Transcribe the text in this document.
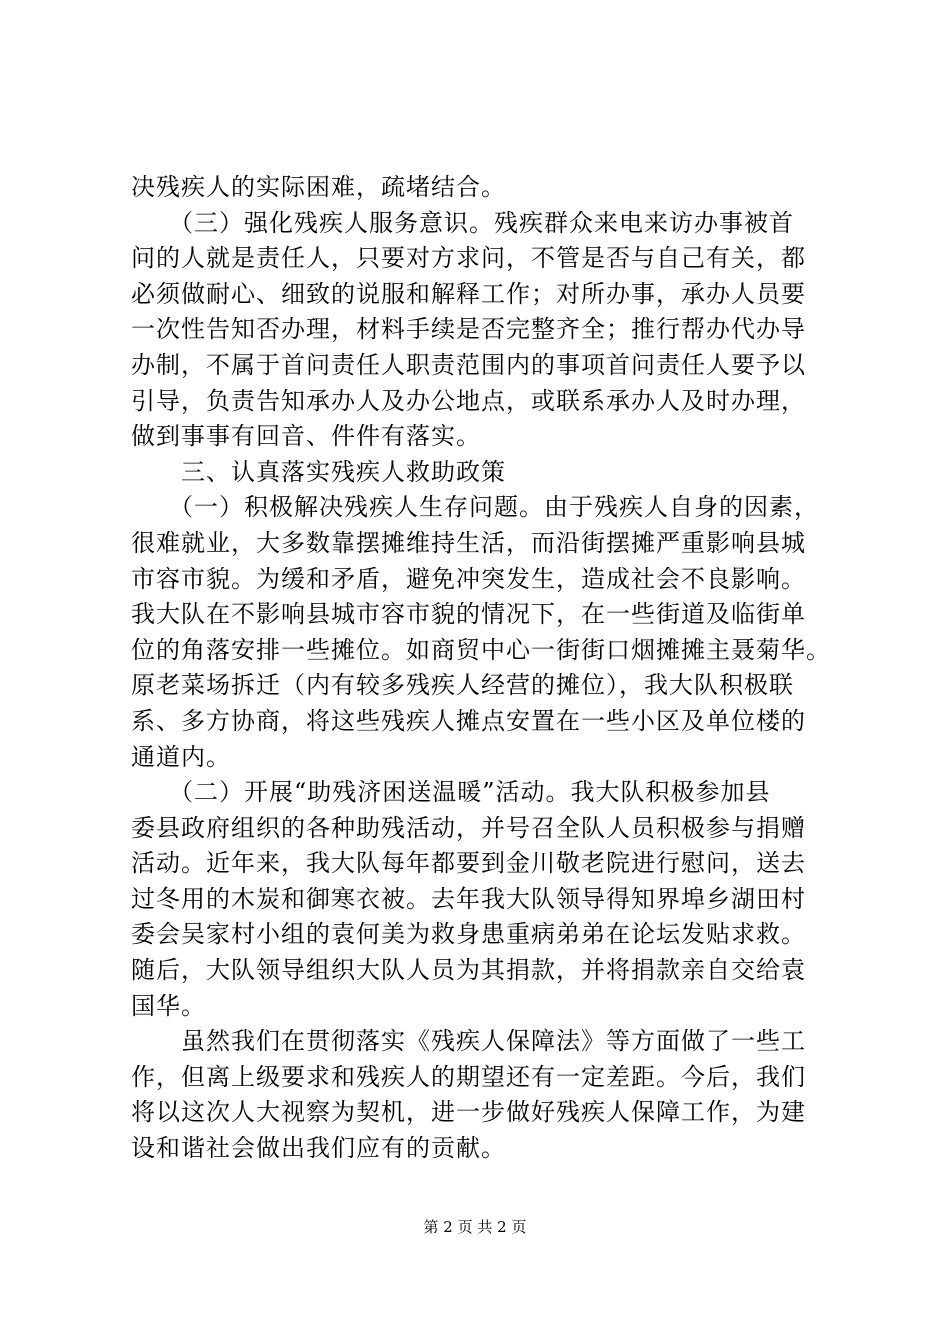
决残疾人的实际困难，疏堵结合。
　　（三）强化残疾人服务意识。残疾群众来电来访办事被首
问的人就是责任人，只要对方求问，不管是否与自己有关，都
必须做耐心、细致的说服和解释工作；对所办事，承办人员要
一次性告知否办理，材料手续是否完整齐全；推行帮办代办导
办制，不属于首问责任人职责范围内的事项首问责任人要予以
引导，负责告知承办人及办公地点，或联系承办人及时办理，
做到事事有回音、件件有落实。
　　三、认真落实残疾人救助政策
　　（一）积极解决残疾人生存问题。由于残疾人自身的因素，
很难就业，大多数靠摆摊维持生活，而沿街摆摊严重影响县城
市容市貌。为缓和矛盾，避免冲突发生，造成社会不良影响。
我大队在不影响县城市容市貌的情况下，在一些街道及临街单
位的角落安排一些摊位。如商贸中心一街街口烟摊摊主聂菊华。
原老菜场拆迁（内有较多残疾人经营的摊位），我大队积极联
系、多方协商，将这些残疾人摊点安置在一些小区及单位楼的
通道内。
　　（二）开展“助残济困送温暖”活动。我大队积极参加县
委县政府组织的各种助残活动，并号召全队人员积极参与捐赠
活动。近年来，我大队每年都要到金川敬老院进行慰问，送去
过冬用的木炭和御寒衣被。去年我大队领导得知界埠乡湖田村
委会吴家村小组的袁何美为救身患重病弟弟在论坛发贴求救。
随后，大队领导组织大队人员为其捐款，并将捐款亲自交给袁
国华。
　　虽然我们在贯彻落实《残疾人保障法》等方面做了一些工
作，但离上级要求和残疾人的期望还有一定差距。今后，我们
将以这次人大视察为契机，进一步做好残疾人保障工作，为建
设和谐社会做出我们应有的贡献。
第 2 页 共 2 页
